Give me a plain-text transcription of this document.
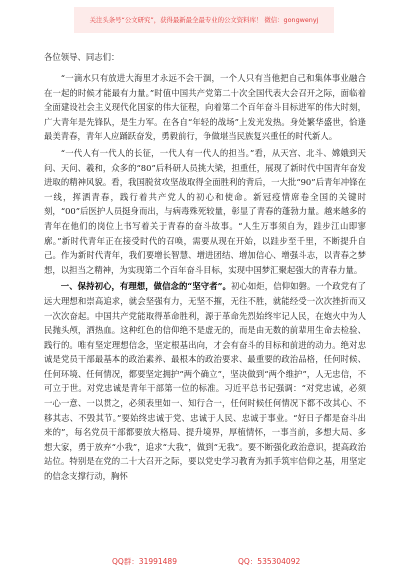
关注头条号“公文研究”，获得最新最全最专业的公文资料库！ 微信：gongwenyj
各位领导、同志们：

“一滴水只有放进大海里才永远不会干涸，一个人只有当他把自己和集体事业融合在一起的时候才能最有力量。”时值中国共产党第二十次全国代表大会召开之际，面临着全面建设社会主义现代化国家的伟大征程，向着第二个百年奋斗目标进军的伟大时刻，广大青年是先锋队，是生力军。在各自“年轻的战场”上发光发热。身处繁华盛世，恰逢最美青春，青年人应踊跃奋发，勇毅前行，争做堪当民族复兴重任的时代新人。

“一代人有一代人的长征，一代人有一代人的担当。”看，从天宫、北斗、嫦娥到天问、天问、羲和，众多的“80”后科研人员挑大梁，担重任，展现了新时代中国青年奋发进取的精神风貌。看，我国脱贫攻坚战取得全面胜利的背后，一大批“90”后青年冲锋在一线，挥洒青春，践行着共产党人的初心和使命。新冠疫情席卷全国的关键时刻，“00”后医护人员挺身而出，与病毒殊死较量，彰显了青春的蓬勃力量。越来越多的青年在他们的岗位上书写着关于青春的奋斗故事。“人生万事须自为，跬步江山即寥廓。”新时代青年正在接受时代的召唤，需要从现在开始，以跬步至千里，不断提升自己。作为新时代青年，我们要增长智慧、增进团结、增加信心、增强斗志，以青春之梦想，以担当之精神，为实现第二个百年奋斗目标，实现中国梦汇聚起强大的青春力量。

一、保持初心，有理想，做信念的“坚守者”。初心如炬，信仰如磐。一个政党有了远大理想和崇高追求，就会坚强有力，无坚不摧，无往不胜，就能经受一次次挫折而又一次次奋起。中国共产党能取得革命胜利，源于革命先烈始终牢记人民，在炮火中为人民抛头颅，洒热血。这种红色的信仰绝不是虚无的，而是由无数的前辈用生命去检验、践行的。唯有坚定理想信念，坚定根基出向，才会有奋斗的目标和前进的动力。绝对忠诚是党员干部最基本的政治素养、最根本的政治要求、最重要的政治品格，任何时候、任何环境、任何情况，都要坚定拥护“两个确立”，坚决做到“两个维护”，人无忠信，不可立于世。对党忠诚是青年干部第一位的标准。习近平总书记强调：“对党忠诚，必须一心一意、一以贯之，必须表里如一、知行合一，任何时候任何情况下都不改其心、不移其志、不毁其节。”要始终忠诚于党、忠诚于人民、忠诚于事业。“好日子都是奋斗出来的”，每名党员干部都要放大格局、提升境界，厚植情怀，一事当前，多想大局、多想大家，勇于放弃“小我”，追求“大我”，做到“无我”。要不断强化政治意识，提高政治站位。特别是在党的二十大召开之际，要以党史学习教育为抓手筑牢信仰之基，用坚定的信念支撑行动，胸怀

QQ群：31991489	QQ：535304092
